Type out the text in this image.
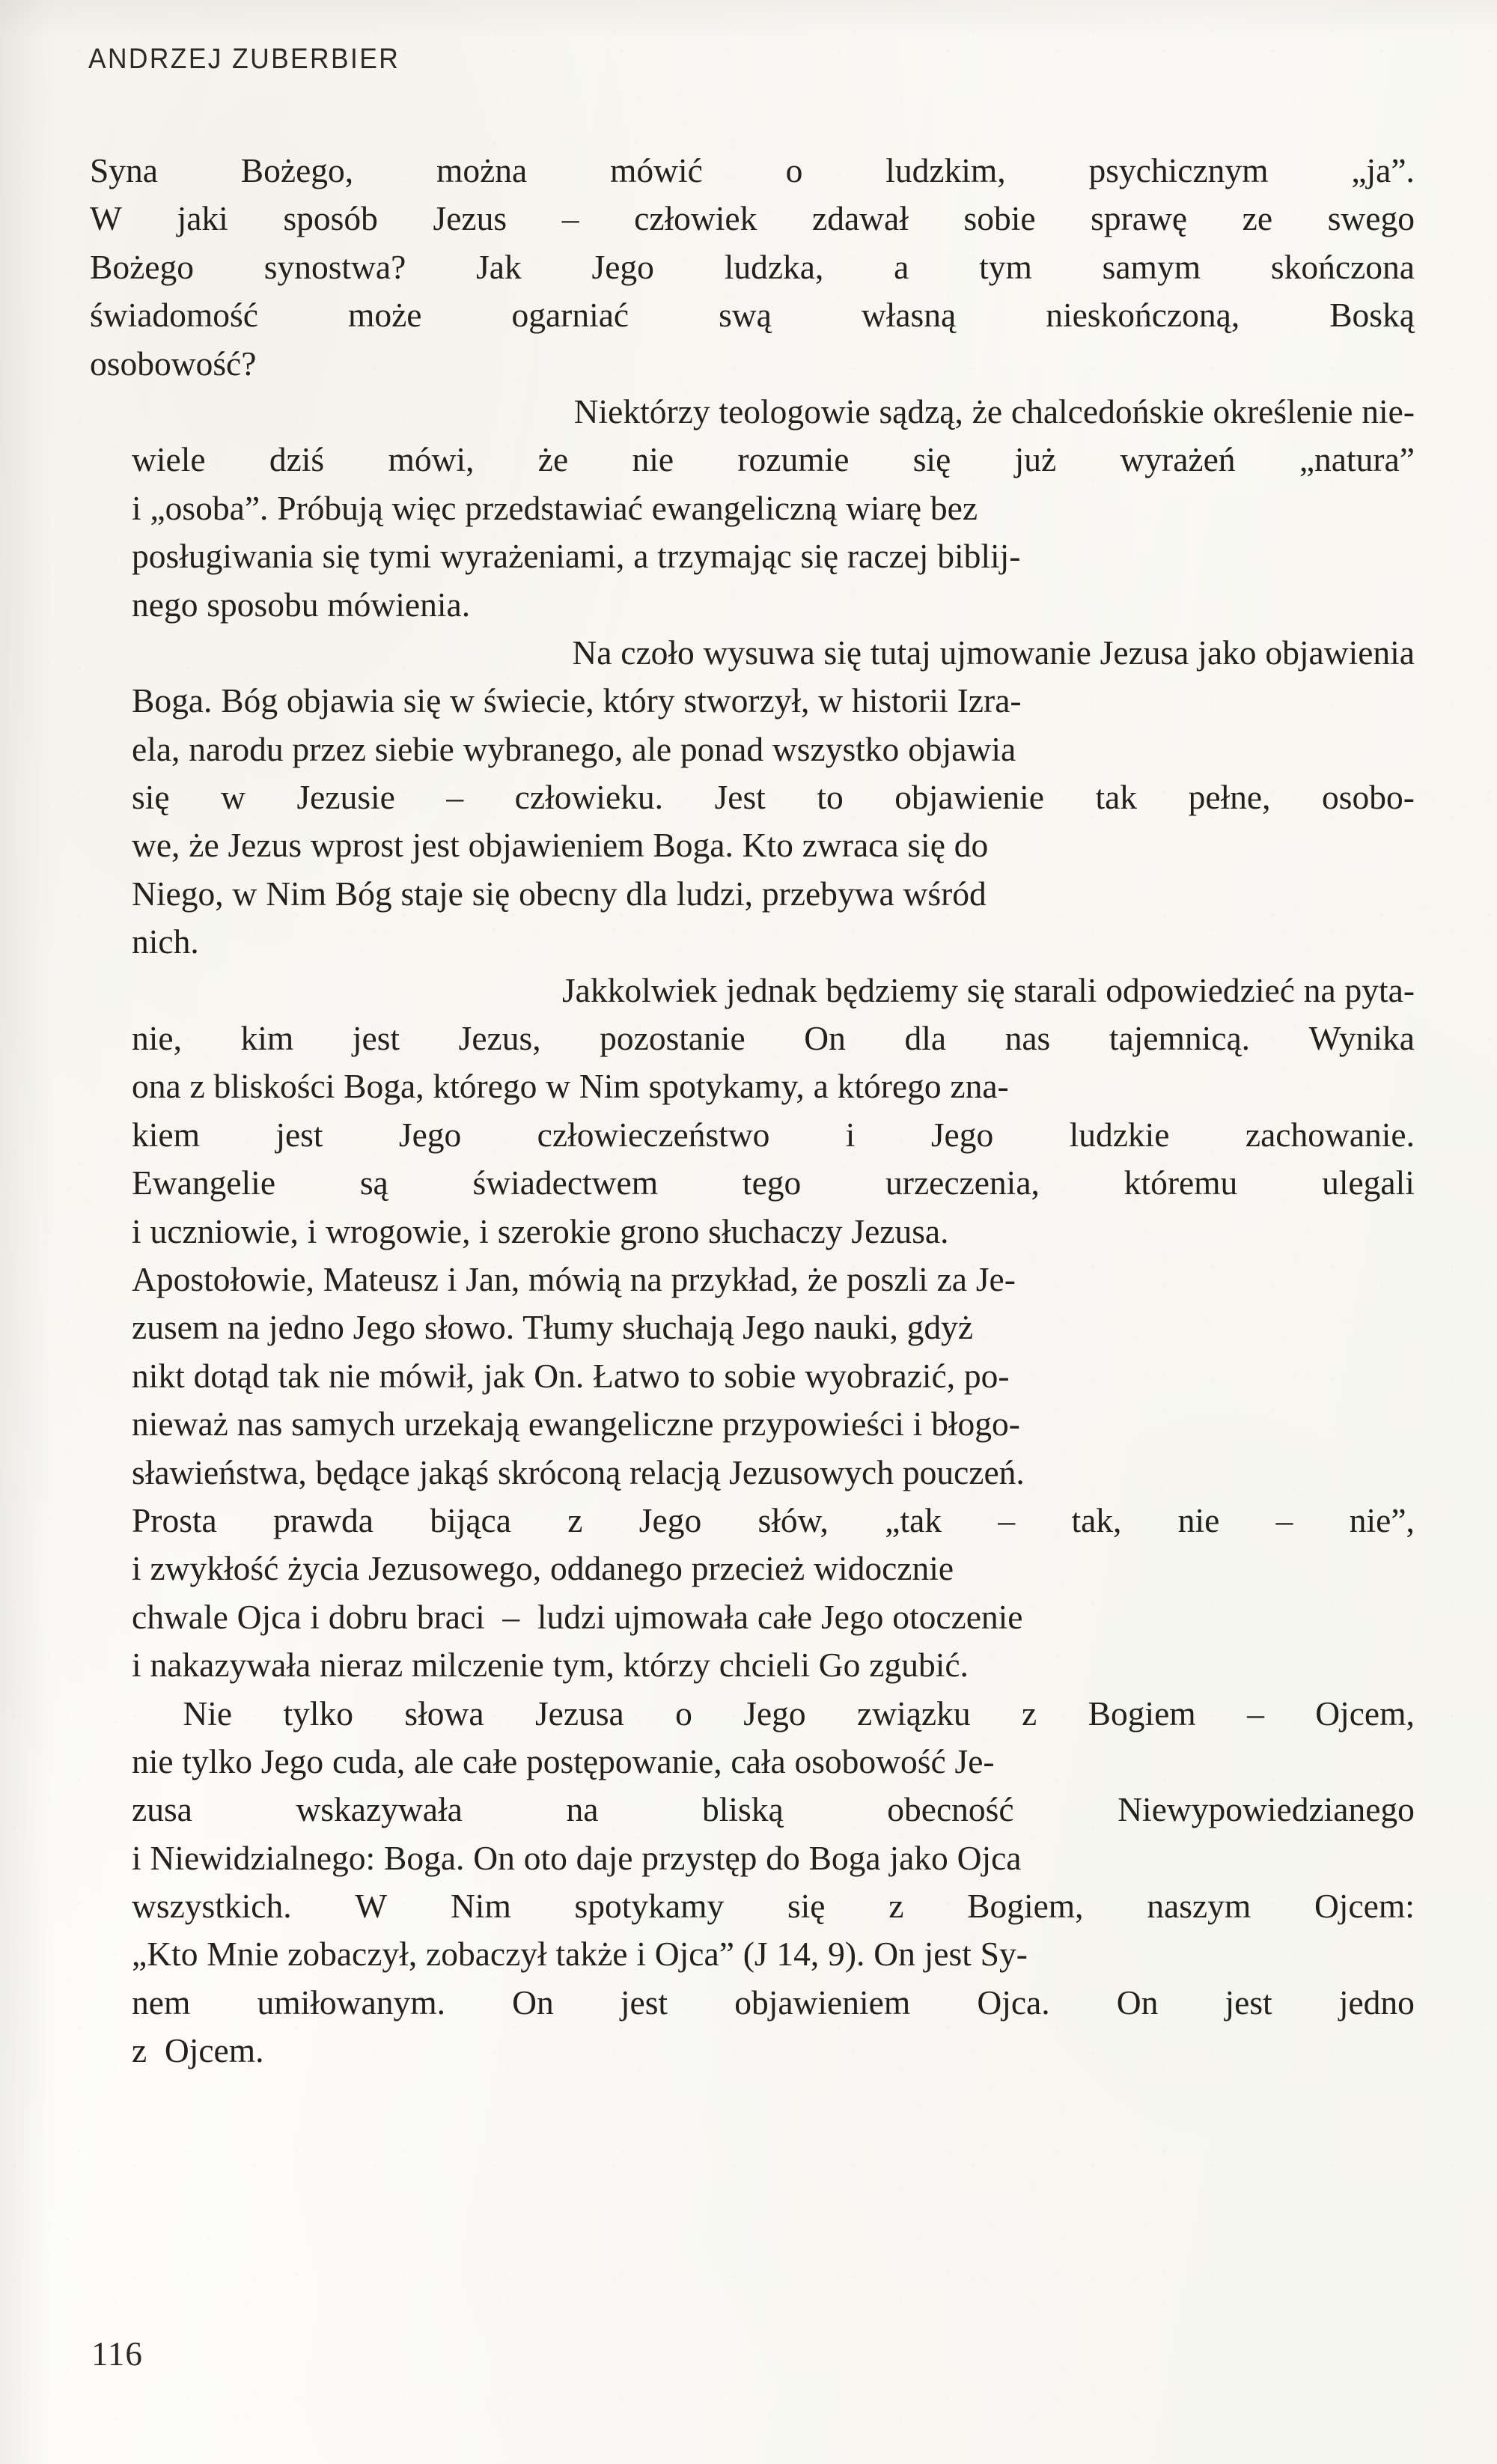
ANDRZEJ ZUBERBIER
Syna Bożego, można mówić o ludzkim, psychicznym „ja”.
W jaki sposób Jezus – człowiek zdawał sobie sprawę ze swego
Bożego synostwa? Jak Jego ludzka, a tym samym skończona
świadomość	może	ogarniać	swą	własną	nieskończoną,	Boską
osobowość?
Niektórzy teologowie sądzą, że chalcedońskie określenie nie-
wiele	dziś	mówi,	że	nie	rozumie	się	już	wyrażeń	„natura”
i „osoba”. Próbują więc przedstawiać ewangeliczną wiarę bez
posługiwania się tymi wyrażeniami, a trzymając się raczej biblij-
nego sposobu mówienia.
Na czoło wysuwa się tutaj ujmowanie Jezusa jako objawienia
Boga. Bóg objawia się w świecie, który stworzył, w historii Izra-
ela, narodu przez siebie wybranego, ale ponad wszystko objawia
się	w	Jezusie	–	człowieku.	Jest	to	objawienie	tak	pełne,	osobo-
we, że Jezus wprost jest objawieniem Boga. Kto zwraca się do
Niego, w Nim Bóg staje się obecny dla ludzi, przebywa wśród
nich.
Jakkolwiek jednak będziemy się starali odpowiedzieć na pyta-
nie,	kim	jest	Jezus,	pozostanie	On	dla	nas	tajemnicą.	Wynika
ona z bliskości Boga, którego w Nim spotykamy, a którego zna-
kiem	jest	Jego	człowieczeństwo	i	Jego	ludzkie	zachowanie.
Ewangelie	są	świadectwem	tego	urzeczenia,	któremu	ulegali
i uczniowie, i wrogowie, i szerokie grono słuchaczy Jezusa.
Apostołowie, Mateusz i Jan, mówią na przykład, że poszli za Je-
zusem na jedno Jego słowo. Tłumy słuchają Jego nauki, gdyż
nikt dotąd tak nie mówił, jak On. Łatwo to sobie wyobrazić, po-
nieważ nas samych urzekają ewangeliczne przypowieści i błogo-
sławieństwa, będące jakąś skróconą relacją Jezusowych pouczeń.
Prosta	prawda	bijąca	z	Jego	słów,	„tak	–	tak,	nie	–	nie”,
i zwykłość życia Jezusowego, oddanego przecież widocznie
chwale Ojca i dobru braci  –  ludzi ujmowała całe Jego otoczenie
i nakazywała nieraz milczenie tym, którzy chcieli Go zgubić.
Nie	tylko	słowa	Jezusa	o	Jego	związku	z	Bogiem	–	Ojcem,
nie tylko Jego cuda, ale całe postępowanie, cała osobowość Je-
zusa	wskazywała	na	bliską	obecność	Niewypowiedzianego
i Niewidzialnego: Boga. On oto daje przystęp do Boga jako Ojca
wszystkich.	W	Nim	spotykamy	się	z	Bogiem,	naszym	Ojcem:
„Kto Mnie zobaczył, zobaczył także i Ojca” (J 14, 9). On jest Sy-
nem	umiłowanym.	On	jest	objawieniem	Ojca.	On	jest	jedno
z  Ojcem.
116
